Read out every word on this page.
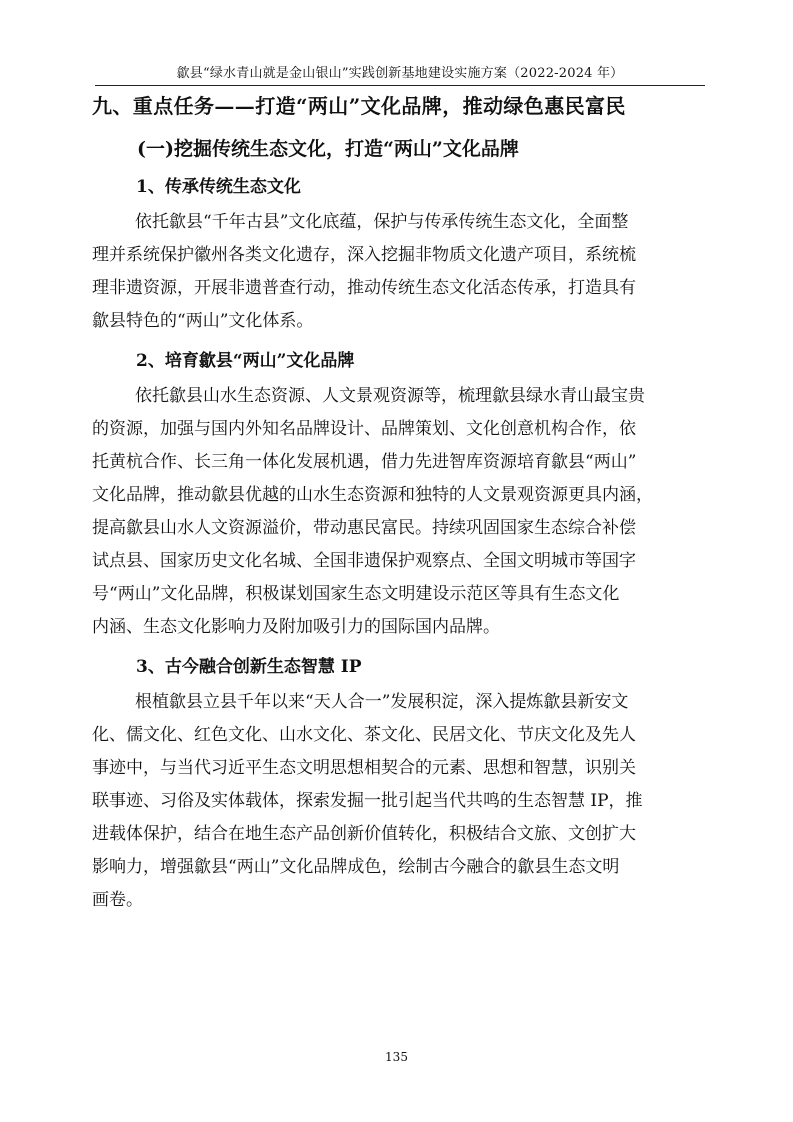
歙县“绿水青山就是金山银山”实践创新基地建设实施方案（2022-2024 年）
九、重点任务——打造“两山”文化品牌，推动绿色惠民富民
(一)挖掘传统生态文化，打造“两山”文化品牌
1、传承传统生态文化
依托歙县“千年古县”文化底蕴，保护与传承传统生态文化，全面整
理并系统保护徽州各类文化遗存，深入挖掘非物质文化遗产项目，系统梳
理非遗资源，开展非遗普查行动，推动传统生态文化活态传承，打造具有
歙县特色的“两山”文化体系。
2、培育歙县“两山”文化品牌
依托歙县山水生态资源、人文景观资源等，梳理歙县绿水青山最宝贵
的资源，加强与国内外知名品牌设计、品牌策划、文化创意机构合作，依
托黄杭合作、长三角一体化发展机遇，借力先进智库资源培育歙县“两山”
文化品牌，推动歙县优越的山水生态资源和独特的人文景观资源更具内涵，
提高歙县山水人文资源溢价，带动惠民富民。持续巩固国家生态综合补偿
试点县、国家历史文化名城、全国非遗保护观察点、全国文明城市等国字
号“两山”文化品牌，积极谋划国家生态文明建设示范区等具有生态文化
内涵、生态文化影响力及附加吸引力的国际国内品牌。
3、古今融合创新生态智慧 IP
根植歙县立县千年以来“天人合一”发展积淀，深入提炼歙县新安文
化、儒文化、红色文化、山水文化、茶文化、民居文化、节庆文化及先人
事迹中，与当代习近平生态文明思想相契合的元素、思想和智慧，识别关
联事迹、习俗及实体载体，探索发掘一批引起当代共鸣的生态智慧 IP，推
进载体保护，结合在地生态产品创新价值转化，积极结合文旅、文创扩大
影响力，增强歙县“两山”文化品牌成色，绘制古今融合的歙县生态文明
画卷。
135
